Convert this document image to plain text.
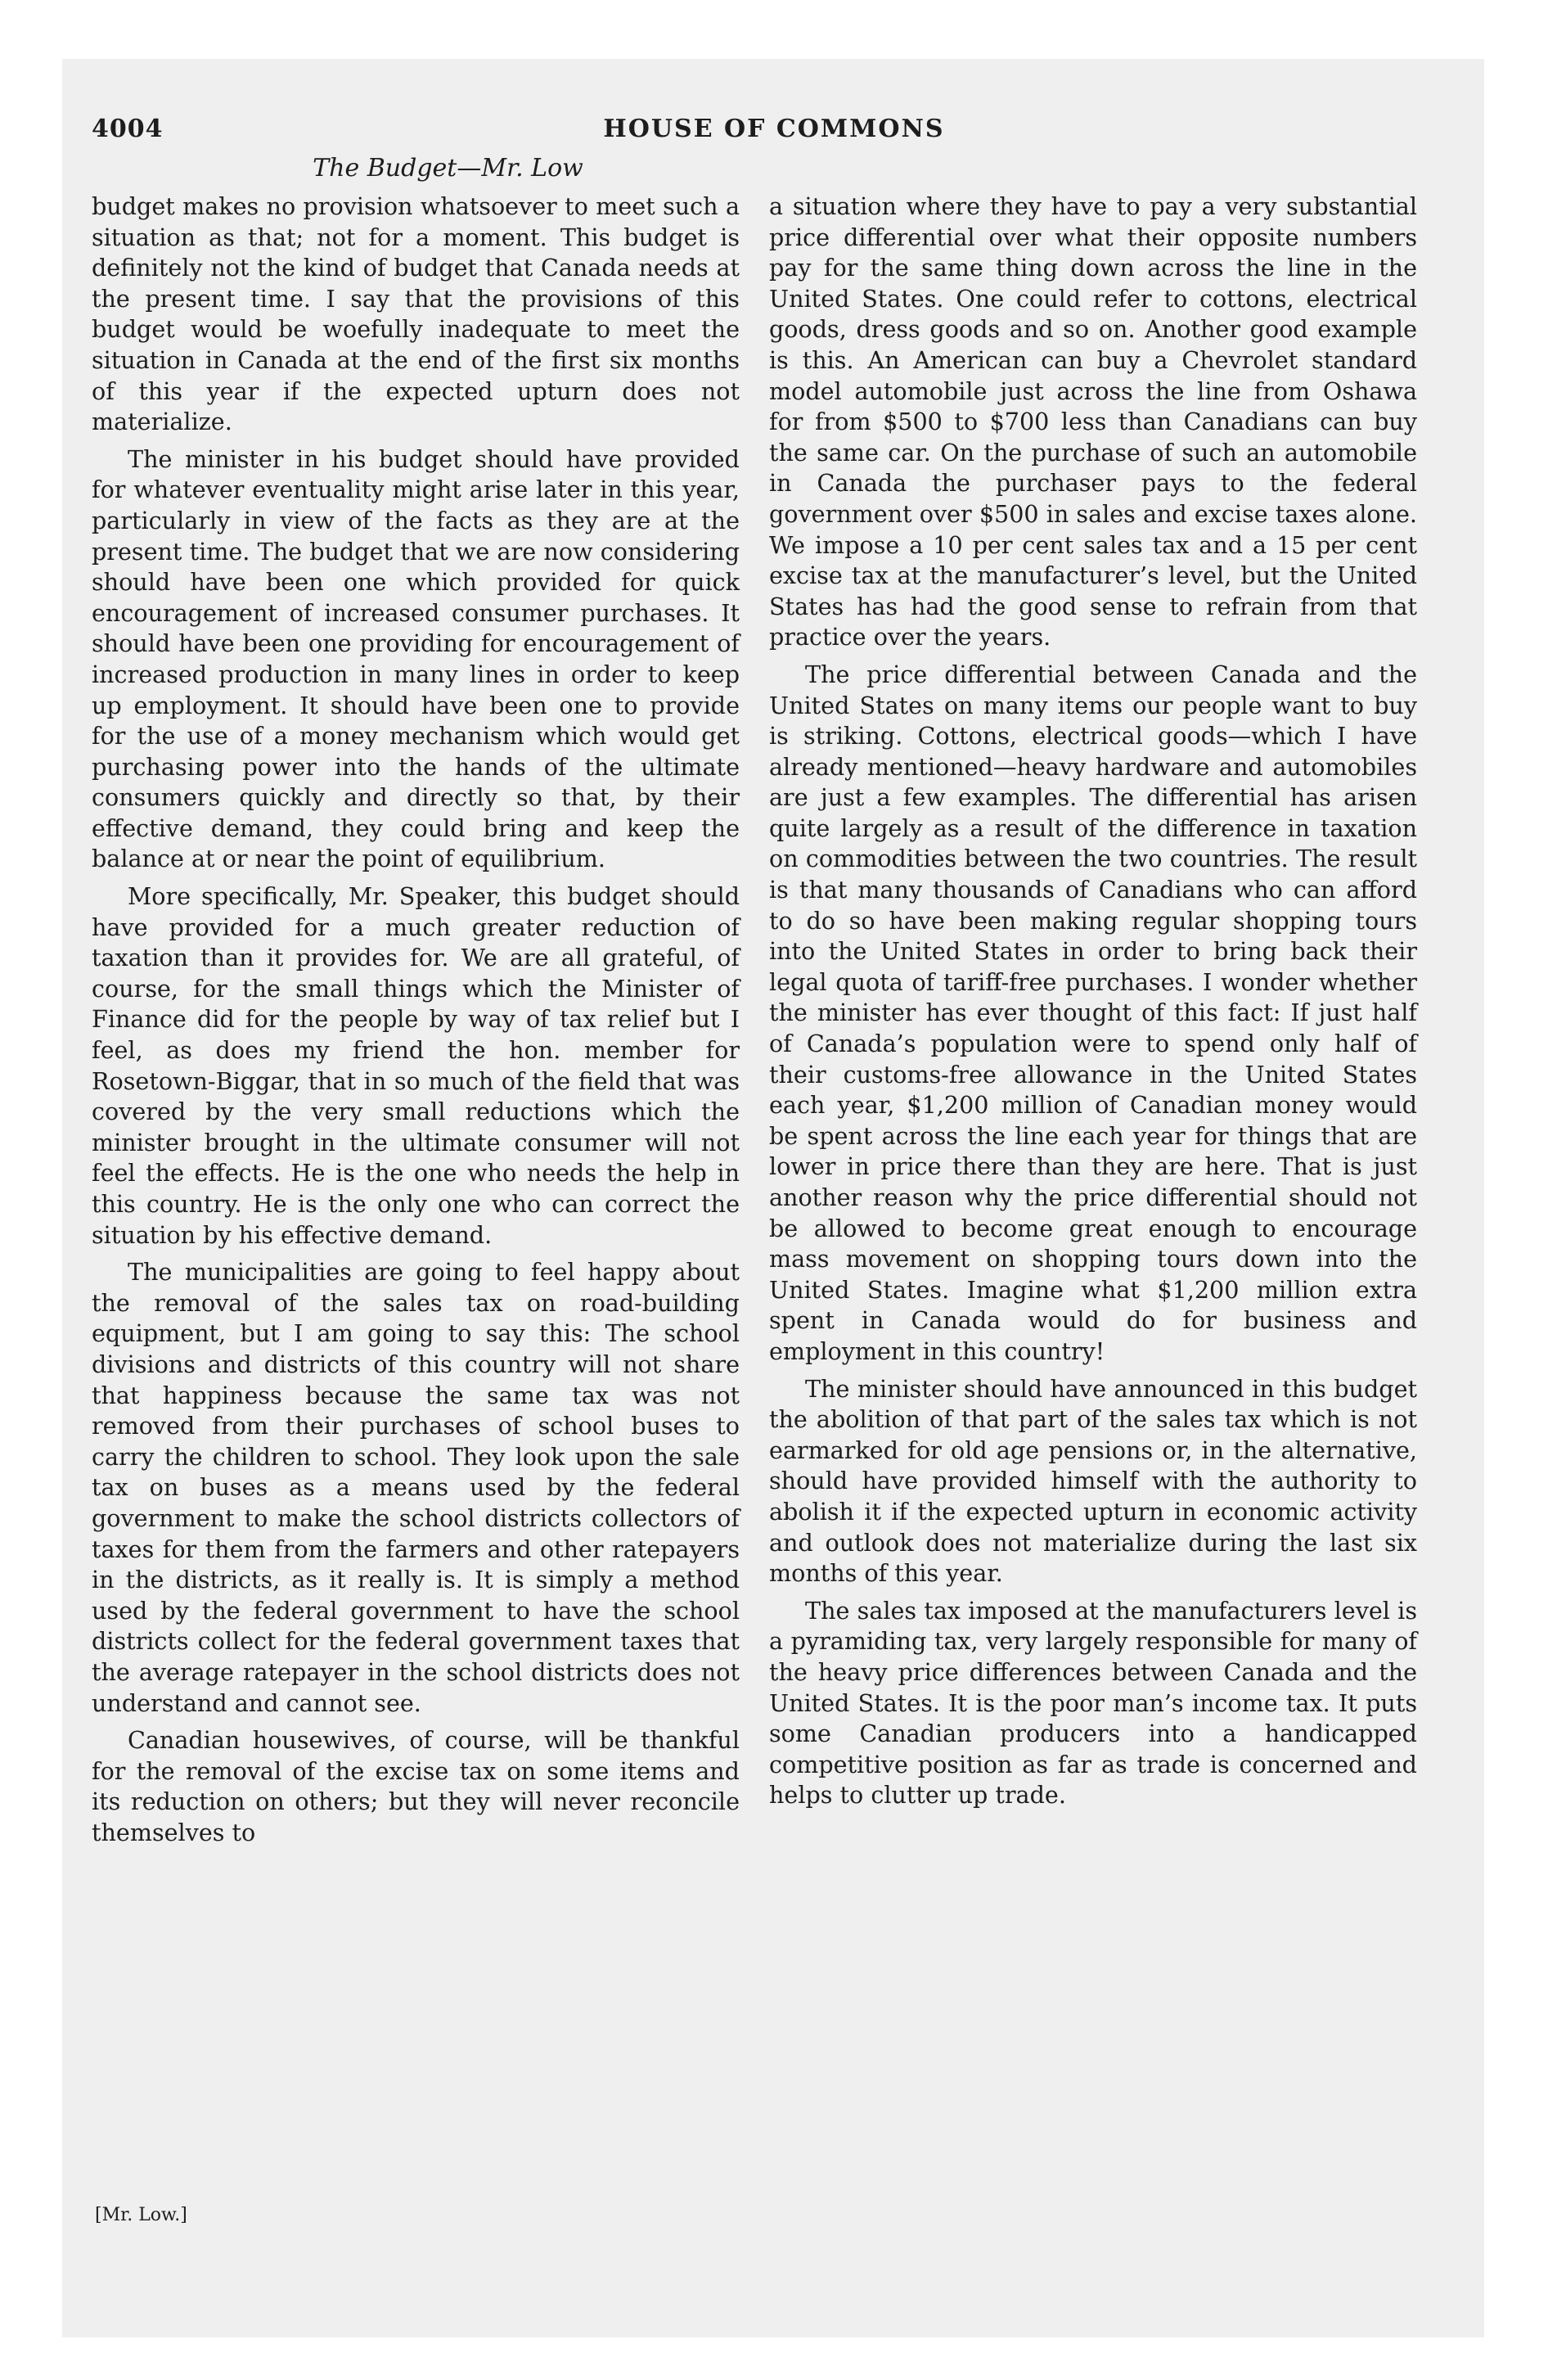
4004	HOUSE OF COMMONS
The Budget—Mr. Low

budget makes no provision whatsoever to meet such a situation as that; not for a moment. This budget is definitely not the kind of budget that Canada needs at the present time. I say that the provisions of this budget would be woefully inadequate to meet the situation in Canada at the end of the first six months of this year if the expected upturn does not materialize.

The minister in his budget should have provided for whatever eventuality might arise later in this year, particularly in view of the facts as they are at the present time. The budget that we are now considering should have been one which provided for quick encouragement of increased consumer purchases. It should have been one providing for encouragement of increased production in many lines in order to keep up employment. It should have been one to provide for the use of a money mechanism which would get purchasing power into the hands of the ultimate consumers quickly and directly so that, by their effective demand, they could bring and keep the balance at or near the point of equilibrium.

More specifically, Mr. Speaker, this budget should have provided for a much greater reduction of taxation than it provides for. We are all grateful, of course, for the small things which the Minister of Finance did for the people by way of tax relief but I feel, as does my friend the hon. member for Rosetown-Biggar, that in so much of the field that was covered by the very small reductions which the minister brought in the ultimate consumer will not feel the effects. He is the one who needs the help in this country. He is the only one who can correct the situation by his effective demand.

The municipalities are going to feel happy about the removal of the sales tax on road-building equipment, but I am going to say this: The school divisions and districts of this country will not share that happiness because the same tax was not removed from their purchases of school buses to carry the children to school. They look upon the sale tax on buses as a means used by the federal government to make the school districts collectors of taxes for them from the farmers and other ratepayers in the districts, as it really is. It is simply a method used by the federal government to have the school districts collect for the federal government taxes that the average ratepayer in the school districts does not understand and cannot see.

Canadian housewives, of course, will be thankful for the removal of the excise tax on some items and its reduction on others; but they will never reconcile themselves to

a situation where they have to pay a very substantial price differential over what their opposite numbers pay for the same thing down across the line in the United States. One could refer to cottons, electrical goods, dress goods and so on. Another good example is this. An American can buy a Chevrolet standard model automobile just across the line from Oshawa for from $500 to $700 less than Canadians can buy the same car. On the purchase of such an automobile in Canada the purchaser pays to the federal government over $500 in sales and excise taxes alone. We impose a 10 per cent sales tax and a 15 per cent excise tax at the manufacturer’s level, but the United States has had the good sense to refrain from that practice over the years.

The price differential between Canada and the United States on many items our people want to buy is striking. Cottons, electrical goods—which I have already mentioned—heavy hardware and automobiles are just a few examples. The differential has arisen quite largely as a result of the difference in taxation on commodities between the two countries. The result is that many thousands of Canadians who can afford to do so have been making regular shopping tours into the United States in order to bring back their legal quota of tariff-free purchases. I wonder whether the minister has ever thought of this fact: If just half of Canada’s population were to spend only half of their customs-free allowance in the United States each year, $1,200 million of Canadian money would be spent across the line each year for things that are lower in price there than they are here. That is just another reason why the price differential should not be allowed to become great enough to encourage mass movement on shopping tours down into the United States. Imagine what $1,200 million extra spent in Canada would do for business and employment in this country!

The minister should have announced in this budget the abolition of that part of the sales tax which is not earmarked for old age pensions or, in the alternative, should have provided himself with the authority to abolish it if the expected upturn in economic activity and outlook does not materialize during the last six months of this year.

The sales tax imposed at the manufacturers level is a pyramiding tax, very largely responsible for many of the heavy price differences between Canada and the United States. It is the poor man’s income tax. It puts some Canadian producers into a handicapped competitive position as far as trade is concerned and helps to clutter up trade.

[Mr. Low.]
